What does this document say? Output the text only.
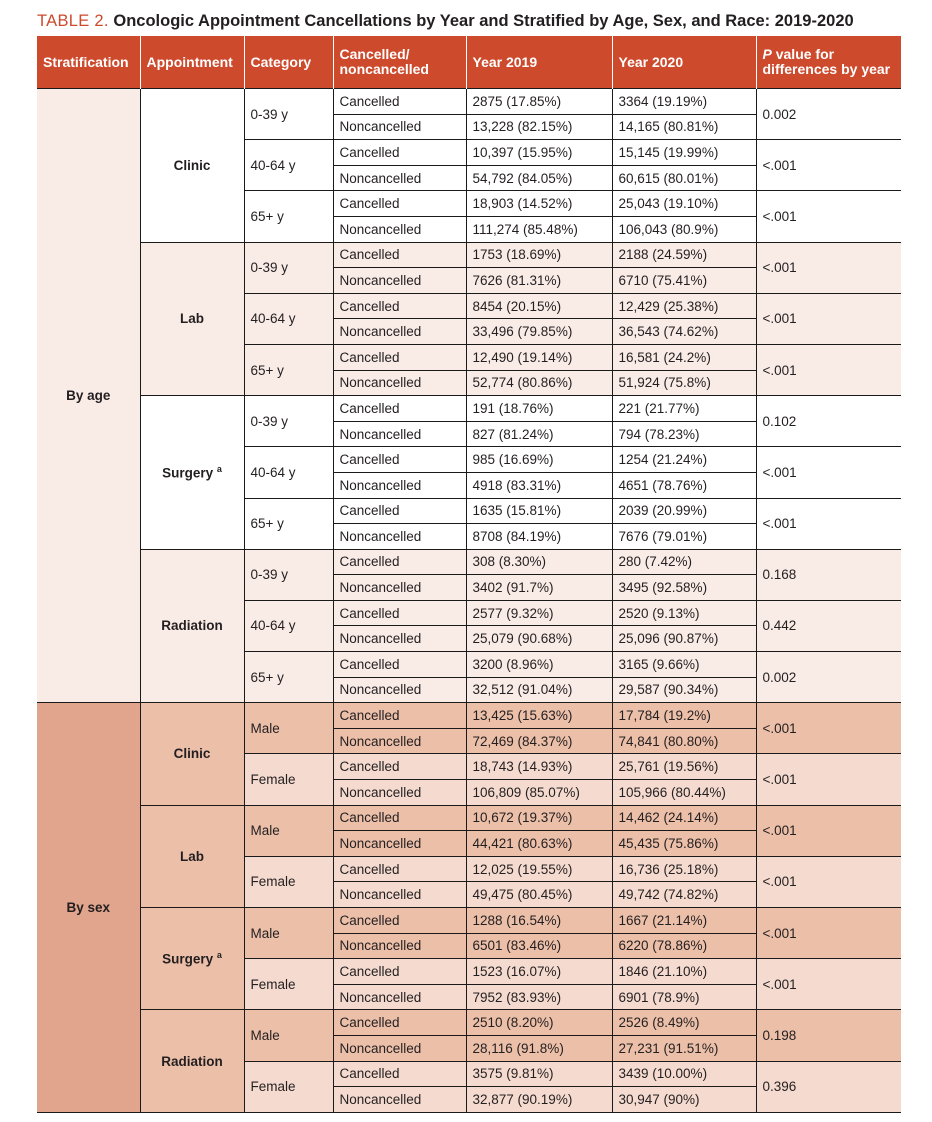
TABLE 2. Oncologic Appointment Cancellations by Year and Stratified by Age, Sex, and Race: 2019-2020
Stratification	Appointment	Category	Cancelled/
noncancelled	Year 2019	Year 2020	P value for
differences by year
By age	Clinic	0-39 y	Cancelled	2875 (17.85%)	3364 (19.19%)	0.002
			Noncancelled	13,228 (82.15%)	14,165 (80.81%)	
		40-64 y	Cancelled	10,397 (15.95%)	15,145 (19.99%)	<.001
			Noncancelled	54,792 (84.05%)	60,615 (80.01%)	
		65+ y	Cancelled	18,903 (14.52%)	25,043 (19.10%)	<.001
			Noncancelled	111,274 (85.48%)	106,043 (80.9%)	
	Lab	0-39 y	Cancelled	1753 (18.69%)	2188 (24.59%)	<.001
			Noncancelled	7626 (81.31%)	6710 (75.41%)	
		40-64 y	Cancelled	8454 (20.15%)	12,429 (25.38%)	<.001
			Noncancelled	33,496 (79.85%)	36,543 (74.62%)	
		65+ y	Cancelled	12,490 (19.14%)	16,581 (24.2%)	<.001
			Noncancelled	52,774 (80.86%)	51,924 (75.8%)	
	Surgery $^a$	0-39 y	Cancelled	191 (18.76%)	221 (21.77%)	0.102
			Noncancelled	827 (81.24%)	794 (78.23%)	
		40-64 y	Cancelled	985 (16.69%)	1254 (21.24%)	<.001
			Noncancelled	4918 (83.31%)	4651 (78.76%)	
		65+ y	Cancelled	1635 (15.81%)	2039 (20.99%)	<.001
			Noncancelled	8708 (84.19%)	7676 (79.01%)	
	Radiation	0-39 y	Cancelled	308 (8.30%)	280 (7.42%)	0.168
			Noncancelled	3402 (91.7%)	3495 (92.58%)	
		40-64 y	Cancelled	2577 (9.32%)	2520 (9.13%)	0.442
			Noncancelled	25,079 (90.68%)	25,096 (90.87%)	
		65+ y	Cancelled	3200 (8.96%)	3165 (9.66%)	0.002
			Noncancelled	32,512 (91.04%)	29,587 (90.34%)	
By sex	Clinic	Male	Cancelled	13,425 (15.63%)	17,784 (19.2%)	<.001
			Noncancelled	72,469 (84.37%)	74,841 (80.80%)	
		Female	Cancelled	18,743 (14.93%)	25,761 (19.56%)	<.001
			Noncancelled	106,809 (85.07%)	105,966 (80.44%)	
	Lab	Male	Cancelled	10,672 (19.37%)	14,462 (24.14%)	<.001
			Noncancelled	44,421 (80.63%)	45,435 (75.86%)	
		Female	Cancelled	12,025 (19.55%)	16,736 (25.18%)	<.001
			Noncancelled	49,475 (80.45%)	49,742 (74.82%)	
	Surgery $^a$	Male	Cancelled	1288 (16.54%)	1667 (21.14%)	<.001
			Noncancelled	6501 (83.46%)	6220 (78.86%)	
		Female	Cancelled	1523 (16.07%)	1846 (21.10%)	<.001
			Noncancelled	7952 (83.93%)	6901 (78.9%)	
	Radiation	Male	Cancelled	2510 (8.20%)	2526 (8.49%)	0.198
			Noncancelled	28,116 (91.8%)	27,231 (91.51%)	
		Female	Cancelled	3575 (9.81%)	3439 (10.00%)	0.396
			Noncancelled	32,877 (90.19%)	30,947 (90%)	
